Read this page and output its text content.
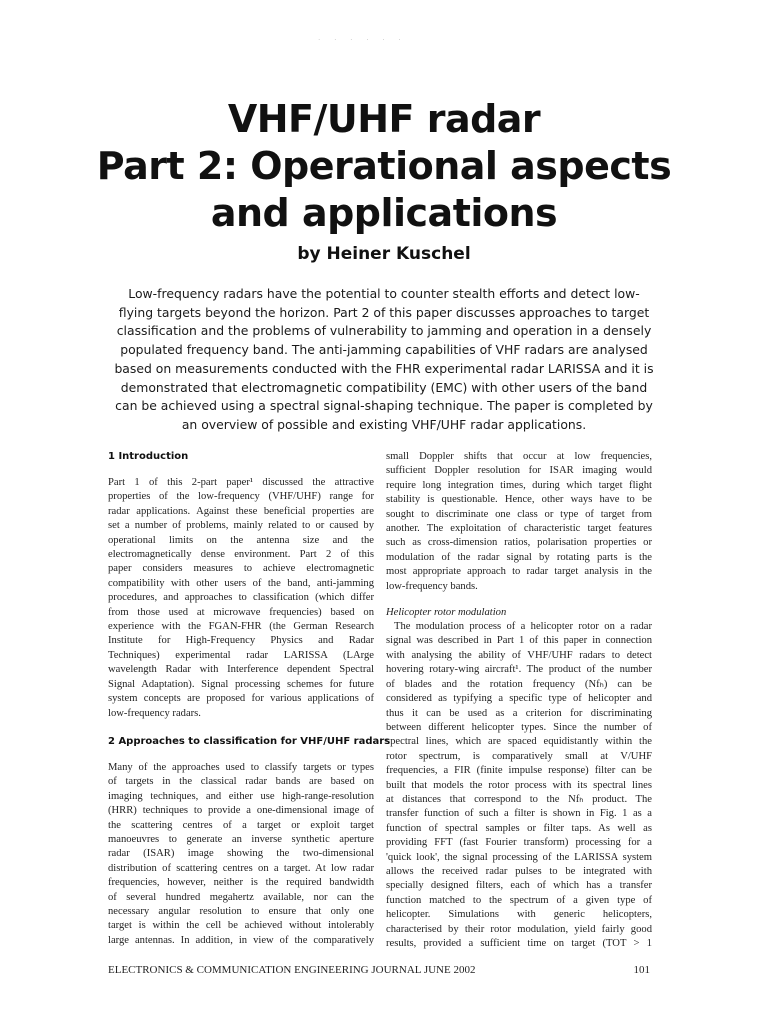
· · · · · ·
VHF/UHF radar
Part 2: Operational aspects
and applications
by Heiner Kuschel
Low-frequency radars have the potential to counter stealth efforts and detect low-
flying targets beyond the horizon. Part 2 of this paper discusses approaches to target
classification and the problems of vulnerability to jamming and operation in a densely
populated frequency band. The anti-jamming capabilities of VHF radars are analysed
based on measurements conducted with the FHR experimental radar LARISSA and it is
demonstrated that electromagnetic compatibility (EMC) with other users of the band
can be achieved using a spectral signal-shaping technique. The paper is completed by
an overview of possible and existing VHF/UHF radar applications.
1 Introduction

Part 1 of this 2-part paper¹ discussed the attractive
properties of the low-frequency (VHF/UHF) range for
radar applications. Against these beneficial properties are
set a number of problems, mainly related to or caused by
operational limits on the antenna size and the
electromagnetically dense environment. Part 2 of this
paper considers measures to achieve electromagnetic
compatibility with other users of the band, anti-jamming
procedures, and approaches to classification (which differ
from those used at microwave frequencies) based on
experience with the FGAN-FHR (the German Research
Institute for High-Frequency Physics and Radar
Techniques) experimental radar LARISSA (LArge
wavelength Radar with Interference dependent Spectral
Signal Adaptation). Signal processing schemes for future
system concepts are proposed for various applications of
low-frequency radars.

2 Approaches to classification for VHF/UHF radars

Many of the approaches used to classify targets or types
of targets in the classical radar bands are based on
imaging techniques, and either use high-range-resolution
(HRR) techniques to provide a one-dimensional image of
the scattering centres of a target or exploit target
manoeuvres to generate an inverse synthetic aperture
radar (ISAR) image showing the two-dimensional
distribution of scattering centres on a target. At low radar
frequencies, however, neither is the required bandwidth
of several hundred megahertz available, nor can the
necessary angular resolution to ensure that only one
target is within the cell be achieved without intolerably
large antennas. In addition, in view of the comparatively

small Doppler shifts that occur at low frequencies,
sufficient Doppler resolution for ISAR imaging would
require long integration times, during which target flight
stability is questionable. Hence, other ways have to be
sought to discriminate one class or type of target from
another. The exploitation of characteristic target features
such as cross-dimension ratios, polarisation properties or
modulation of the radar signal by rotating parts is the
most appropriate approach to radar target analysis in the
low-frequency bands.

Helicopter rotor modulation

The modulation process of a helicopter rotor on a radar
signal was described in Part 1 of this paper in connection
with analysing the ability of VHF/UHF radars to detect
hovering rotary-wing aircraft¹. The product of the number
of blades and the rotation frequency (Nfₕ) can be
considered as typifying a specific type of helicopter and
thus it can be used as a criterion for discriminating
between different helicopter types. Since the number of
spectral lines, which are spaced equidistantly within the
rotor spectrum, is comparatively small at V/UHF
frequencies, a FIR (finite impulse response) filter can be
built that models the rotor process with its spectral lines
at distances that correspond to the Nfₕ product. The
transfer function of such a filter is shown in Fig. 1 as a
function of spectral samples or filter taps. As well as
providing FFT (fast Fourier transform) processing for a
'quick look', the signal processing of the LARISSA system
allows the received radar pulses to be integrated with
specially designed filters, each of which has a transfer
function matched to the spectrum of a given type of
helicopter. Simulations with generic helicopters,
characterised by their rotor modulation, yield fairly good
results, provided a sufficient time on target (TOT > 1

ELECTRONICS & COMMUNICATION ENGINEERING JOURNAL JUNE 2002	101
